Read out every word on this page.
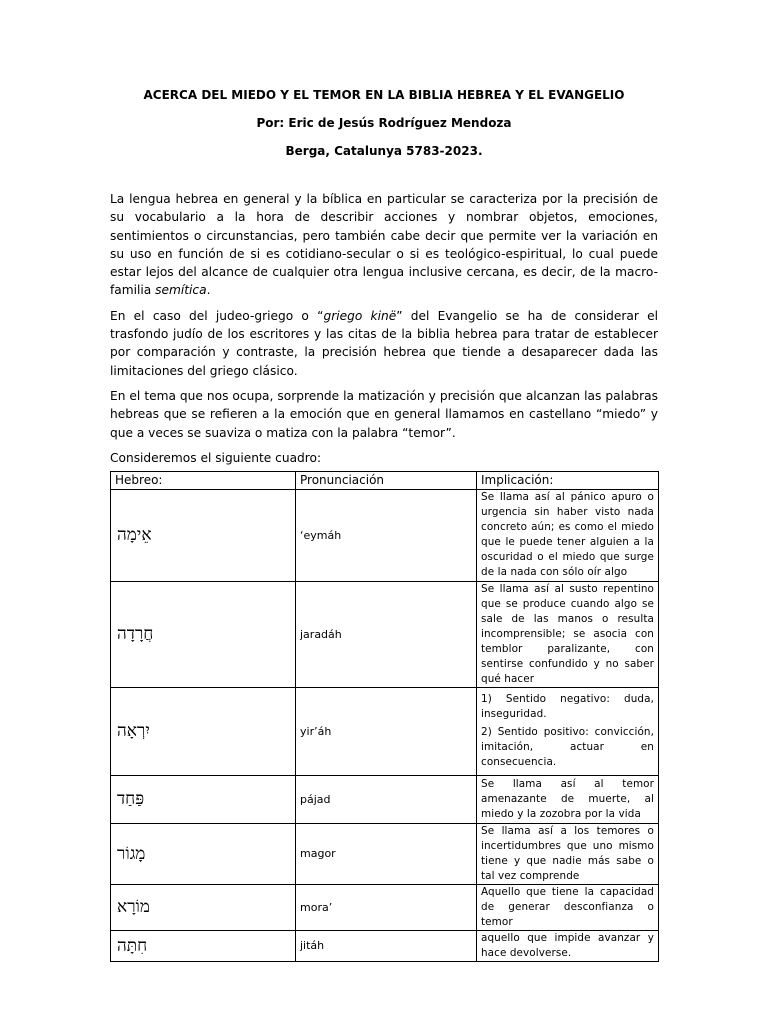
ACERCA DEL MIEDO Y EL TEMOR EN LA BIBLIA HEBREA Y EL EVANGELIO
Por: Eric de Jesús Rodríguez Mendoza
Berga, Catalunya 5783-2023.

La lengua hebrea en general y la bíblica en particular se caracteriza por la precisión de su vocabulario a la hora de describir acciones y nombrar objetos, emociones, sentimientos o circunstancias, pero también cabe decir que permite ver la variación en su uso en función de si es cotidiano-secular o si es teológico-espiritual, lo cual puede estar lejos del alcance de cualquier otra lengua inclusive cercana, es decir, de la macro-familia semítica.

En el caso del judeo-griego o “griego kinë” del Evangelio se ha de considerar el trasfondo judío de los escritores y las citas de la biblia hebrea para tratar de establecer por comparación y contraste, la precisión hebrea que tiende a desaparecer dada las limitaciones del griego clásico.

En el tema que nos ocupa, sorprende la matización y precisión que alcanzan las palabras hebreas que se refieren a la emoción que en general llamamos en castellano “miedo” y que a veces se suaviza o matiza con la palabra “temor”.

Consideremos el siguiente cuadro:

Hebreo:	Pronunciación	Implicación:

אֵימָה	‘eymáh	Se llama así al pánico apuro o urgencia sin haber visto nada concreto aún; es como el miedo que le puede tener alguien a la oscuridad o el miedo que surge de la nada con sólo oír algo

חֲרָדָה	jaradáh	Se llama así al susto repentino que se produce cuando algo se sale de las manos o resulta incomprensible; se asocia con temblor paralizante, con sentirse confundido y no saber qué hacer

יִרְאָה	yir’áh	1) Sentido negativo: duda, inseguridad.

2) Sentido positivo: convicción, imitación, actuar en consecuencia.

פַּחַד	pájad	Se llama así al temor amenazante de muerte, al miedo y la zozobra por la vida

מָגוֹר	magor	Se llama así a los temores o incertidumbres que uno mismo tiene y que nadie más sabe o tal vez comprende

מוֹרָא	mora’	Aquello que tiene la capacidad de generar desconfianza o temor

חִתָּה	jitáh	aquello que impide avanzar y hace devolverse.
